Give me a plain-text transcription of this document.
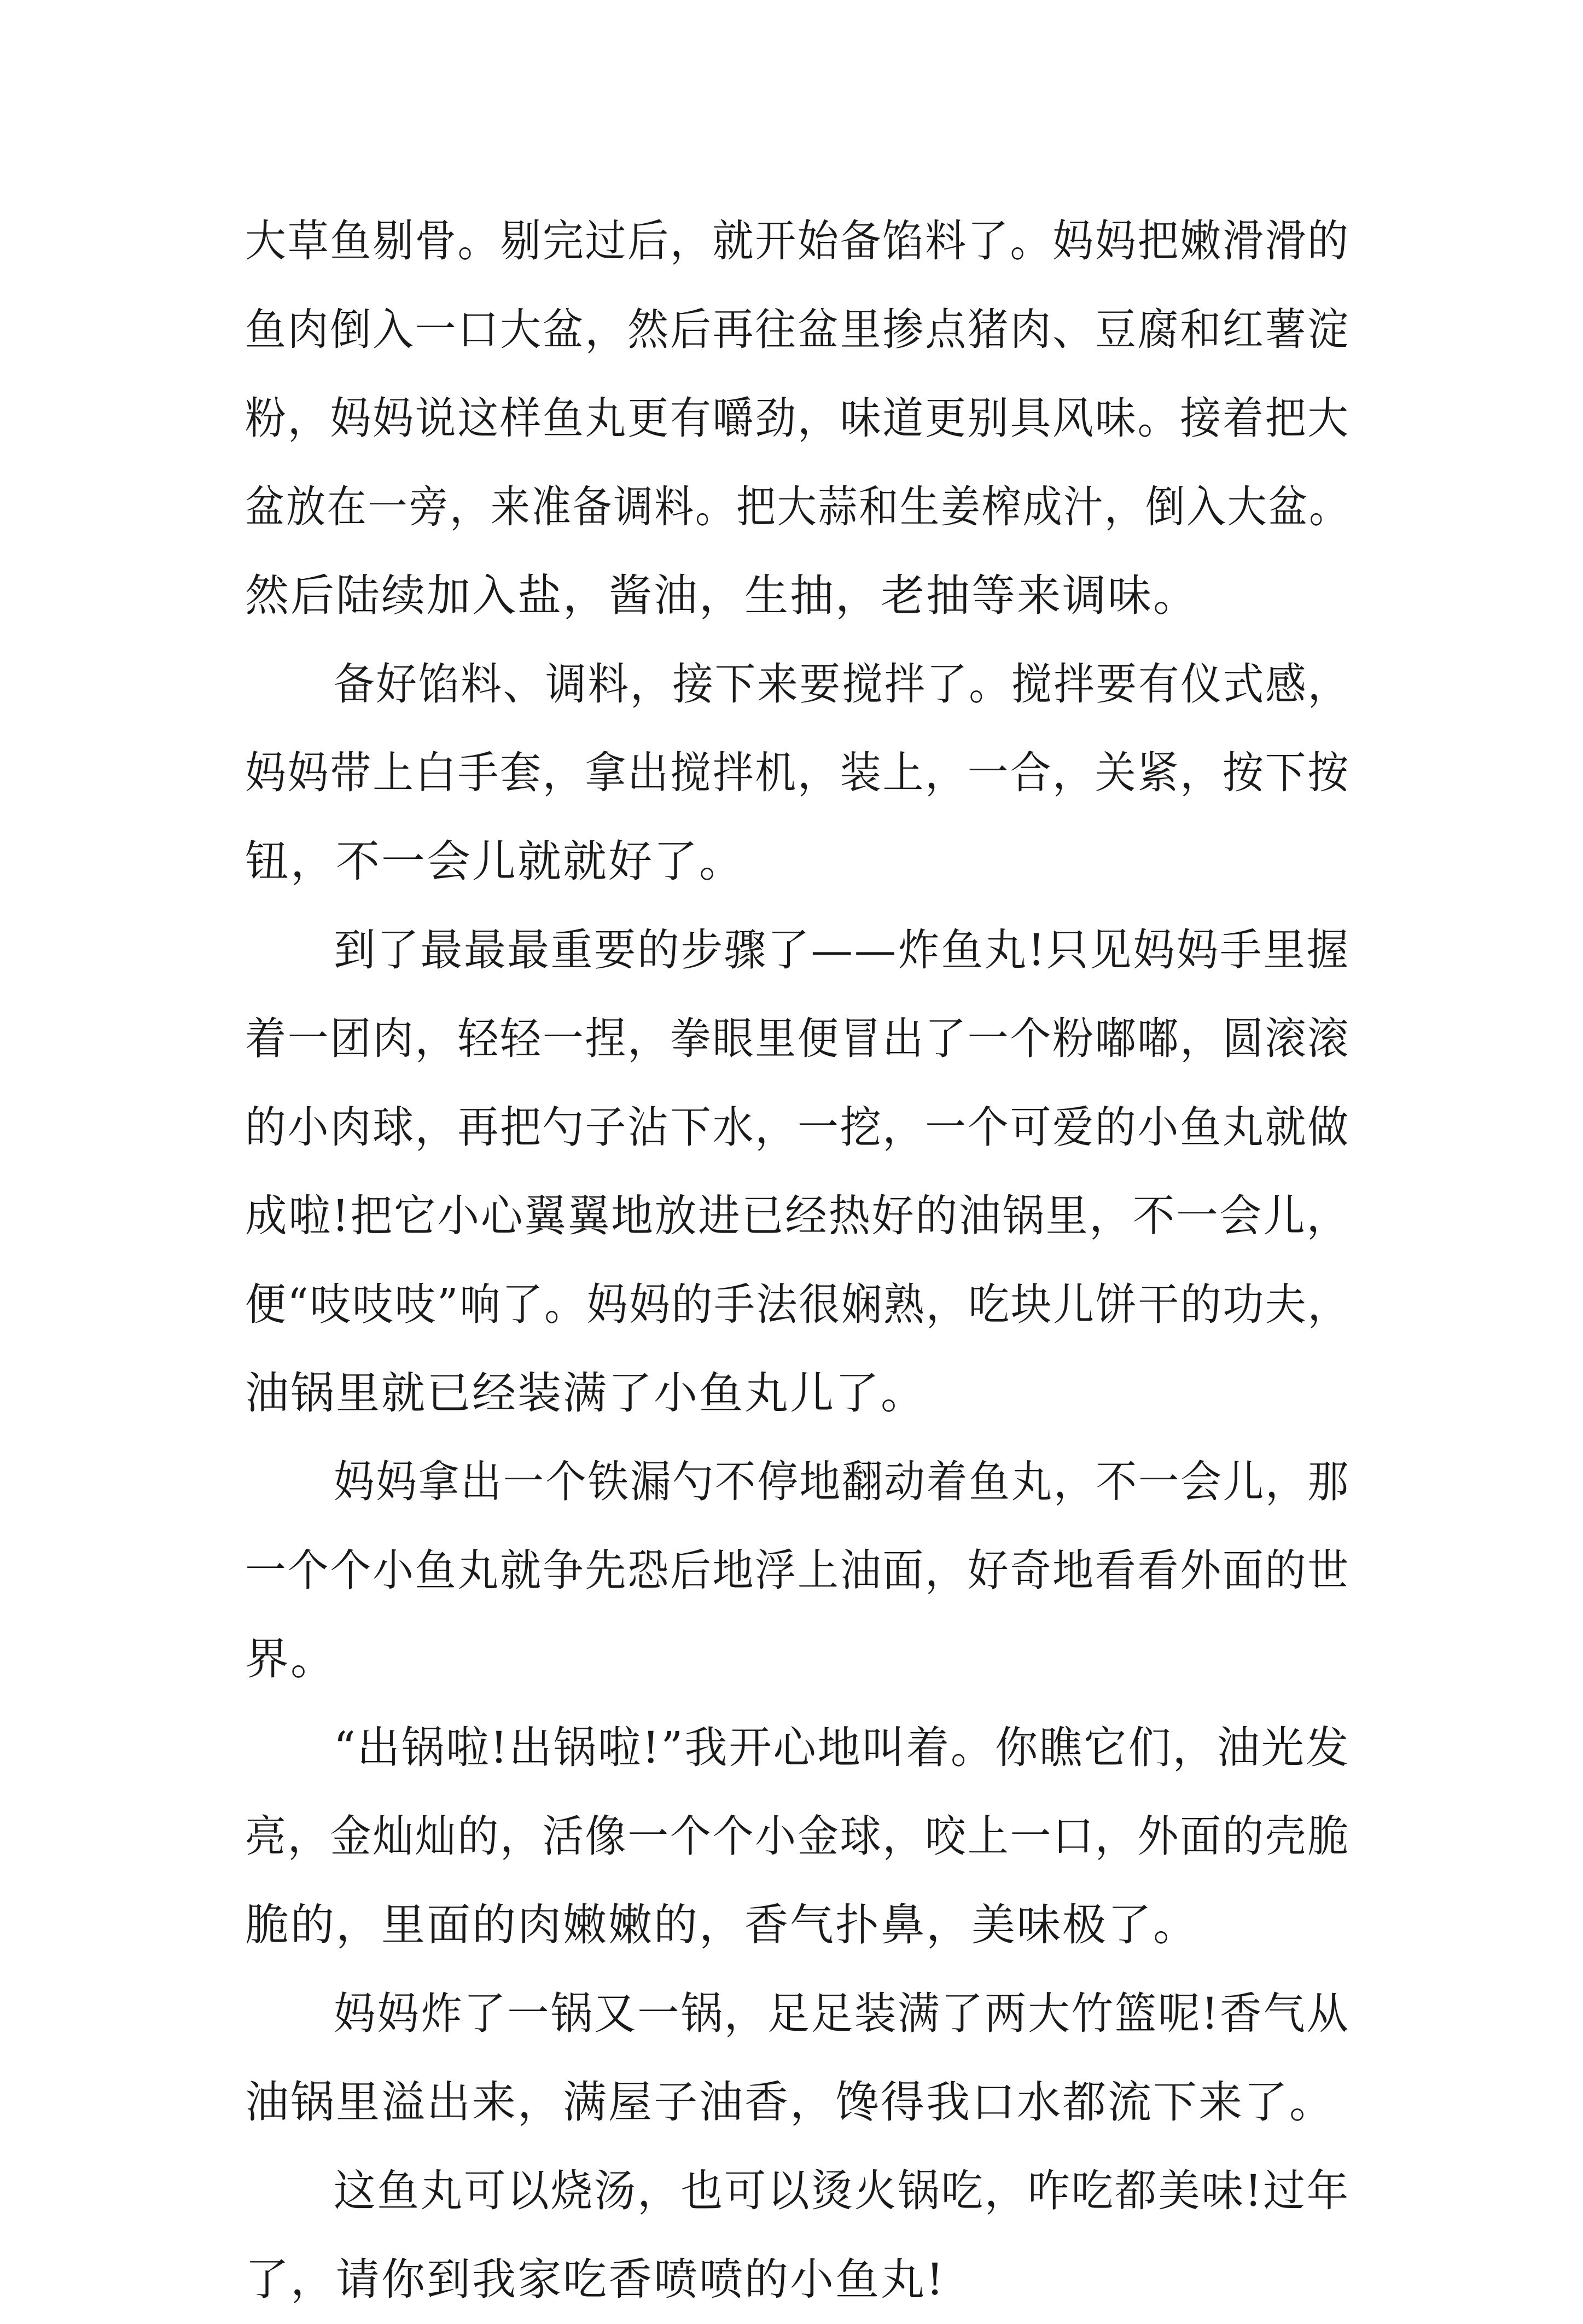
大草鱼剔骨。剔完过后，就开始备馅料了。妈妈把嫩滑滑的
鱼肉倒入一口大盆，然后再往盆里掺点猪肉、豆腐和红薯淀
粉，妈妈说这样鱼丸更有嚼劲，味道更别具风味。接着把大
盆放在一旁，来准备调料。把大蒜和生姜榨成汁，倒入大盆。
然后陆续加入盐，酱油，生抽，老抽等来调味。
备好馅料、调料，接下来要搅拌了。搅拌要有仪式感，
妈妈带上白手套，拿出搅拌机，装上，一合，关紧，按下按
钮，不一会儿就就好了。
到了最最最重要的步骤了——炸鱼丸!只见妈妈手里握
着一团肉，轻轻一捏，拳眼里便冒出了一个粉嘟嘟，圆滚滚
的小肉球，再把勺子沾下水，一挖，一个可爱的小鱼丸就做
成啦!把它小心翼翼地放进已经热好的油锅里，不一会儿，
便“吱吱吱”响了。妈妈的手法很娴熟，吃块儿饼干的功夫，
油锅里就已经装满了小鱼丸儿了。
妈妈拿出一个铁漏勺不停地翻动着鱼丸，不一会儿，那
一个个小鱼丸就争先恐后地浮上油面，好奇地看看外面的世
界。
“出锅啦!出锅啦!”我开心地叫着。你瞧它们，油光发
亮，金灿灿的，活像一个个小金球，咬上一口，外面的壳脆
脆的，里面的肉嫩嫩的，香气扑鼻，美味极了。
妈妈炸了一锅又一锅，足足装满了两大竹篮呢!香气从
油锅里溢出来，满屋子油香，馋得我口水都流下来了。
这鱼丸可以烧汤，也可以烫火锅吃，咋吃都美味!过年
了，请你到我家吃香喷喷的小鱼丸!
